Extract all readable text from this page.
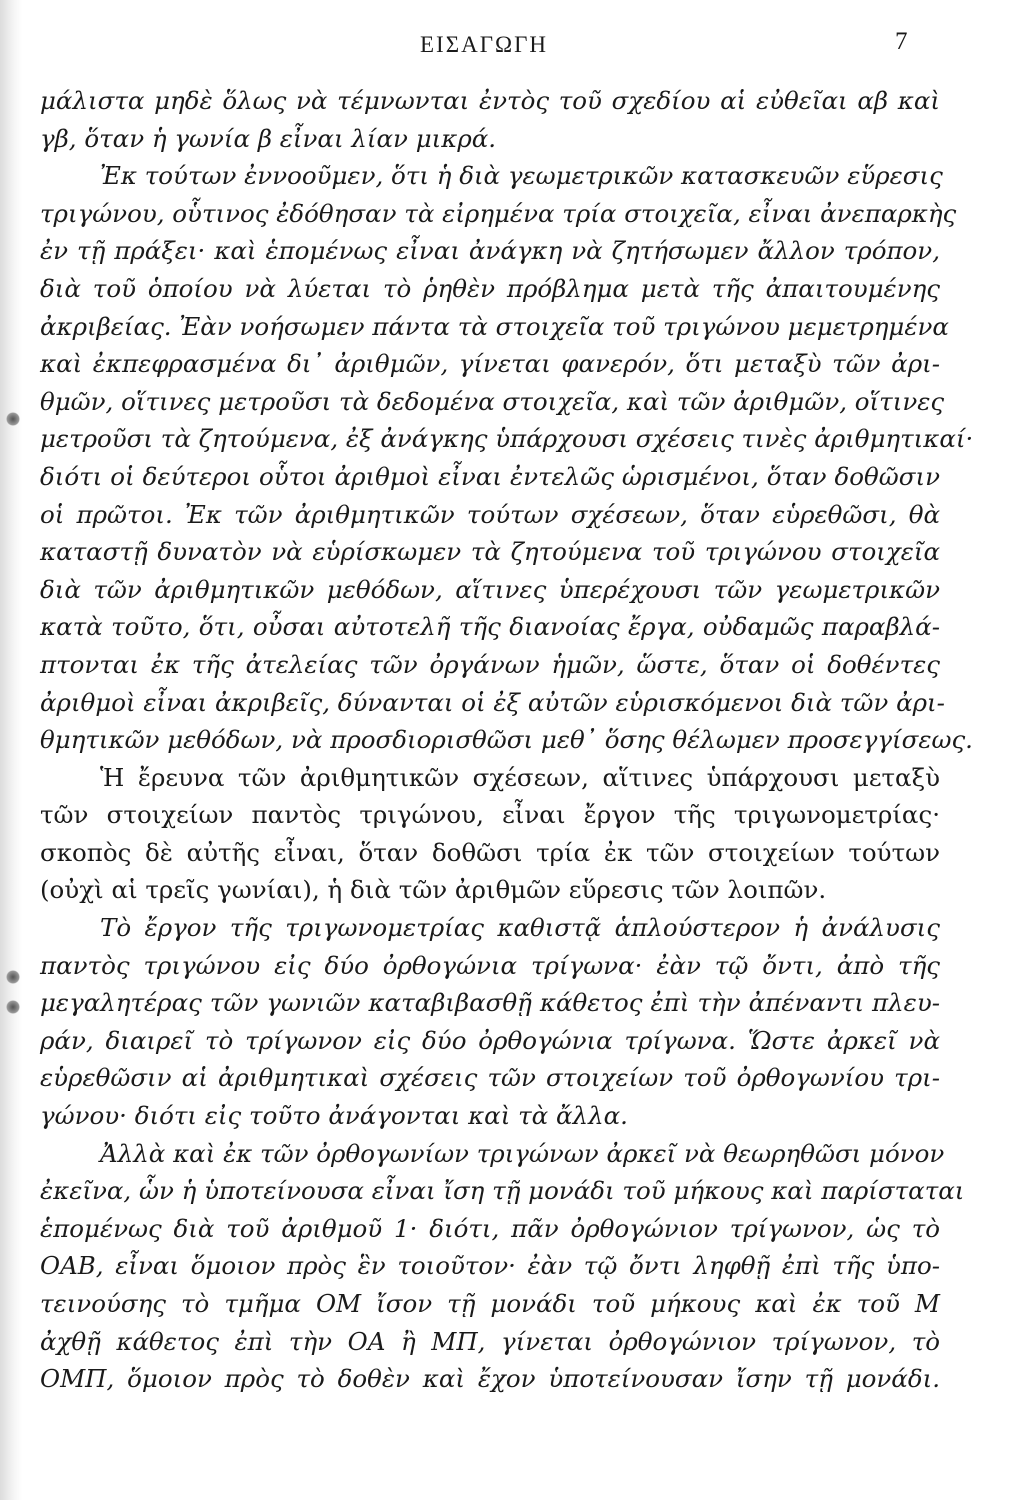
ΕΙΣΑΓΩΓΗ	7
μάλιστα μηδὲ ὅλως νὰ τέμνωνται ἐντὸς τοῦ σχεδίου αἱ εὐθεῖαι αβ καὶ
γβ, ὅταν ἡ γωνία β εἶναι λίαν μικρά.
Ἐκ τούτων ἐννοοῦμεν, ὅτι ἡ διὰ γεωμετρικῶν κατασκευῶν εὕρεσις
τριγώνου, οὗτινος ἐδόθησαν τὰ εἰρημένα τρία στοιχεῖα, εἶναι ἀνεπαρκὴς
ἐν τῇ πράξει· καὶ ἑπομένως εἶναι ἀνάγκη νὰ ζητήσωμεν ἄλλον τρόπον,
διὰ τοῦ ὁποίου νὰ λύεται τὸ ῥηθὲν πρόβλημα μετὰ τῆς ἀπαιτουμένης
ἀκριβείας. Ἐὰν νοήσωμεν πάντα τὰ στοιχεῖα τοῦ τριγώνου μεμετρημένα
καὶ ἐκπεφρασμένα δι᾽ ἀριθμῶν, γίνεται φανερόν, ὅτι μεταξὺ τῶν ἀρι-
θμῶν, οἵτινες μετροῦσι τὰ δεδομένα στοιχεῖα, καὶ τῶν ἀριθμῶν, οἵτινες
μετροῦσι τὰ ζητούμενα, ἐξ ἀνάγκης ὑπάρχουσι σχέσεις τινὲς ἀριθμητικαί·
διότι οἱ δεύτεροι οὗτοι ἀριθμοὶ εἶναι ἐντελῶς ὡρισμένοι, ὅταν δοθῶσιν
οἱ πρῶτοι. Ἐκ τῶν ἀριθμητικῶν τούτων σχέσεων, ὅταν εὑρεθῶσι, θὰ
καταστῇ δυνατὸν νὰ εὑρίσκωμεν τὰ ζητούμενα τοῦ τριγώνου στοιχεῖα
διὰ τῶν ἀριθμητικῶν μεθόδων, αἵτινες ὑπερέχουσι τῶν γεωμετρικῶν
κατὰ τοῦτο, ὅτι, οὖσαι αὐτοτελῆ τῆς διανοίας ἔργα, οὐδαμῶς παραβλά-
πτονται ἐκ τῆς ἀτελείας τῶν ὀργάνων ἡμῶν, ὥστε, ὅταν οἱ δοθέντες
ἀριθμοὶ εἶναι ἀκριβεῖς, δύνανται οἱ ἐξ αὐτῶν εὑρισκόμενοι διὰ τῶν ἀρι-
θμητικῶν μεθόδων, νὰ προσδιορισθῶσι μεθ᾽ ὅσης θέλωμεν προσεγγίσεως.
Ἡ ἔρευνα τῶν ἀριθμητικῶν σχέσεων, αἵτινες ὑπάρχουσι μεταξὺ
τῶν στοιχείων παντὸς τριγώνου, εἶναι ἔργον τῆς τριγωνομετρίας·
σκοπὸς δὲ αὐτῆς εἶναι, ὅταν δοθῶσι τρία ἐκ τῶν στοιχείων τούτων
(οὐχὶ αἱ τρεῖς γωνίαι), ἡ διὰ τῶν ἀριθμῶν εὕρεσις τῶν λοιπῶν.
Τὸ ἔργον τῆς τριγωνομετρίας καθιστᾷ ἁπλούστερον ἡ ἀνάλυσις
παντὸς τριγώνου εἰς δύο ὀρθογώνια τρίγωνα· ἐὰν τῷ ὄντι, ἀπὸ τῆς
μεγαλητέρας τῶν γωνιῶν καταβιβασθῇ κάθετος ἐπὶ τὴν ἀπέναντι πλευ-
ράν, διαιρεῖ τὸ τρίγωνον εἰς δύο ὀρθογώνια τρίγωνα. Ὥστε ἀρκεῖ νὰ
εὑρεθῶσιν αἱ ἀριθμητικαὶ σχέσεις τῶν στοιχείων τοῦ ὀρθογωνίου τρι-
γώνου· διότι εἰς τοῦτο ἀνάγονται καὶ τὰ ἄλλα.
Ἀλλὰ καὶ ἐκ τῶν ὀρθογωνίων τριγώνων ἀρκεῖ νὰ θεωρηθῶσι μόνον
ἐκεῖνα, ὧν ἡ ὑποτείνουσα εἶναι ἴση τῇ μονάδι τοῦ μήκους καὶ παρίσταται
ἑπομένως διὰ τοῦ ἀριθμοῦ 1· διότι, πᾶν ὀρθογώνιον τρίγωνον, ὡς τὸ
ΟΑΒ, εἶναι ὅμοιον πρὸς ἓν τοιοῦτον· ἐὰν τῷ ὄντι ληφθῇ ἐπὶ τῆς ὑπο-
τεινούσης τὸ τμῆμα ΟΜ ἴσον τῇ μονάδι τοῦ μήκους καὶ ἐκ τοῦ Μ
ἀχθῇ κάθετος ἐπὶ τὴν ΟΑ ἢ ΜΠ, γίνεται ὀρθογώνιον τρίγωνον, τὸ
ΟΜΠ, ὅμοιον πρὸς τὸ δοθὲν καὶ ἔχον ὑποτείνουσαν ἴσην τῇ μονάδι.
